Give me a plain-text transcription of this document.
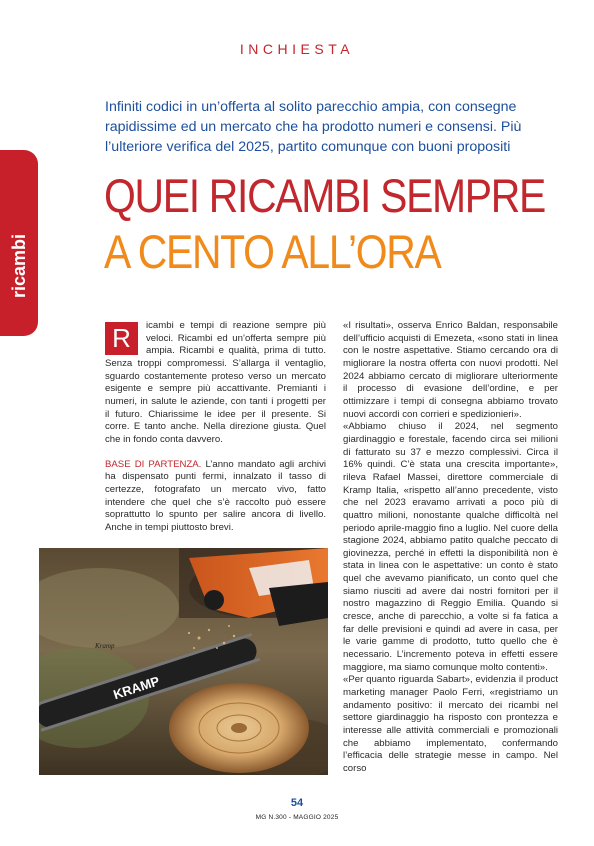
INCHIESTA
ricambi
Infiniti codici in un’offerta al solito parecchio ampia, con consegne rapidissime ed un mercato che ha prodotto numeri e consensi. Più l’ulteriore verifica del 2025, partito comunque con buoni propositi
QUEI RICAMBI SEMPRE
A CENTO ALL’ORA

R	icambi e tempi di reazione sempre più veloci. Ricambi ed un’offerta sempre più ampia. Ricambi e qualità, prima di tutto. Senza troppi compromessi. S’allarga il ventaglio, sguardo costantemente proteso verso un mercato esigente e sempre più accattivante. Premianti i numeri, in salute le aziende, con tanti i progetti per il futuro. Chiarissime le idee per il presente. Si corre. E tanto anche. Nella direzione giusta. Quel che in fondo conta davvero.

BASE DI PARTENZA. L’anno mandato agli archivi ha dispensato punti fermi, innalzato il tasso di certezze, fotografato un mercato vivo, fatto intendere che quel che s’è raccolto può essere soprattutto lo spunto per salire ancora di livello. Anche in tempi piuttosto brevi.

«I risultati», osserva Enrico Baldan, responsabile dell’ufficio acquisti di Emezeta, «sono stati in linea con le nostre aspettative. Stiamo cercando ora di migliorare la nostra offerta con nuovi prodotti. Nel 2024 abbiamo cercato di migliorare ulteriormente il processo di evasione dell’ordine, e per ottimizzare i tempi di consegna abbiamo trovato nuovi accordi con corrieri e spedizionieri».

«Abbiamo chiuso il 2024, nel segmento giardinaggio e forestale, facendo circa sei milioni di fatturato su 37 e mezzo complessivi. Circa il 16% quindi. C’è stata una crescita importante», rileva Rafael Massei, direttore commerciale di Kramp Italia, «rispetto all’anno precedente, visto che nel 2023 eravamo arrivati a poco più di quattro milioni, nonostante qualche difficoltà nel periodo aprile-maggio fino a luglio. Nel cuore della stagione 2024, abbiamo patito qualche peccato di giovinezza, perché in effetti la disponibilità non è stata in linea con le aspettative: un conto è stato quel che avevamo pianificato, un conto quel che siamo riusciti ad avere dai nostri fornitori per il nostro magazzino di Reggio Emilia. Quando si cresce, anche di parecchio, a volte si fa fatica a far delle previsioni e quindi ad avere in casa, per le varie gamme di prodotto, tutto quello che è necessario. L’incremento poteva in effetti essere maggiore, ma siamo comunque molto contenti».

«Per quanto riguarda Sabart», evidenzia il product marketing manager Paolo Ferri, «registriamo un andamento positivo: il mercato dei ricambi nel settore giardinaggio ha risposto con prontezza e interesse alle attività commerciali e promozionali che abbiamo implementato, confermando l’efficacia delle strategie messe in campo. Nel corso

KRAMP
Kramp
54
MG N.300 - MAGGIO 2025
